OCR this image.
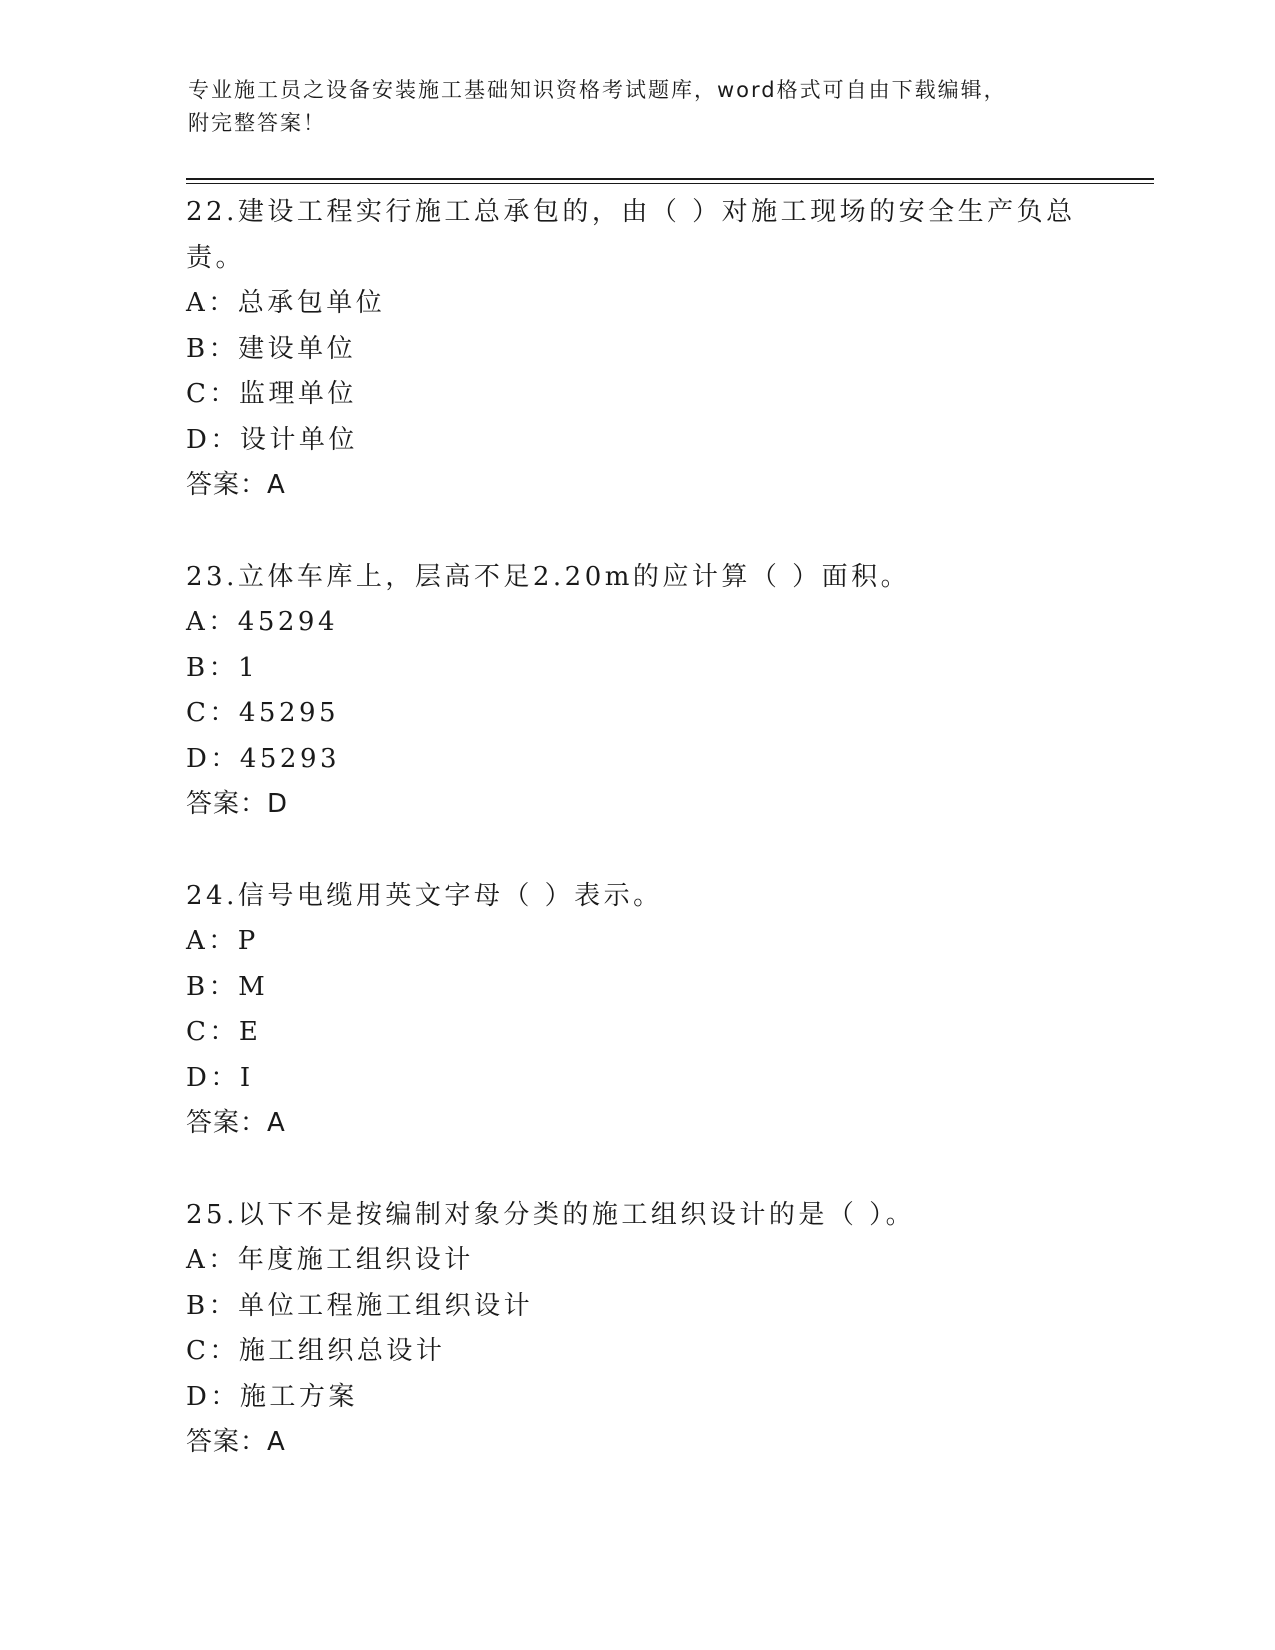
专业施工员之设备安装施工基础知识资格考试题库，word格式可自由下载编辑，
附完整答案！

22.建设工程实行施工总承包的，由（ ）对施工现场的安全生产负总责。

A：总承包单位

B：建设单位

C：监理单位

D：设计单位

答案：A

23.立体车库上，层高不足2.20m的应计算（ ）面积。

A：45294

B：1

C：45295

D：45293

答案：D

24.信号电缆用英文字母（ ）表示。

A：P

B：M

C：E

D：I

答案：A

25.以下不是按编制对象分类的施工组织设计的是（ ）。

A：年度施工组织设计

B：单位工程施工组织设计

C：施工组织总设计

D：施工方案

答案：A
